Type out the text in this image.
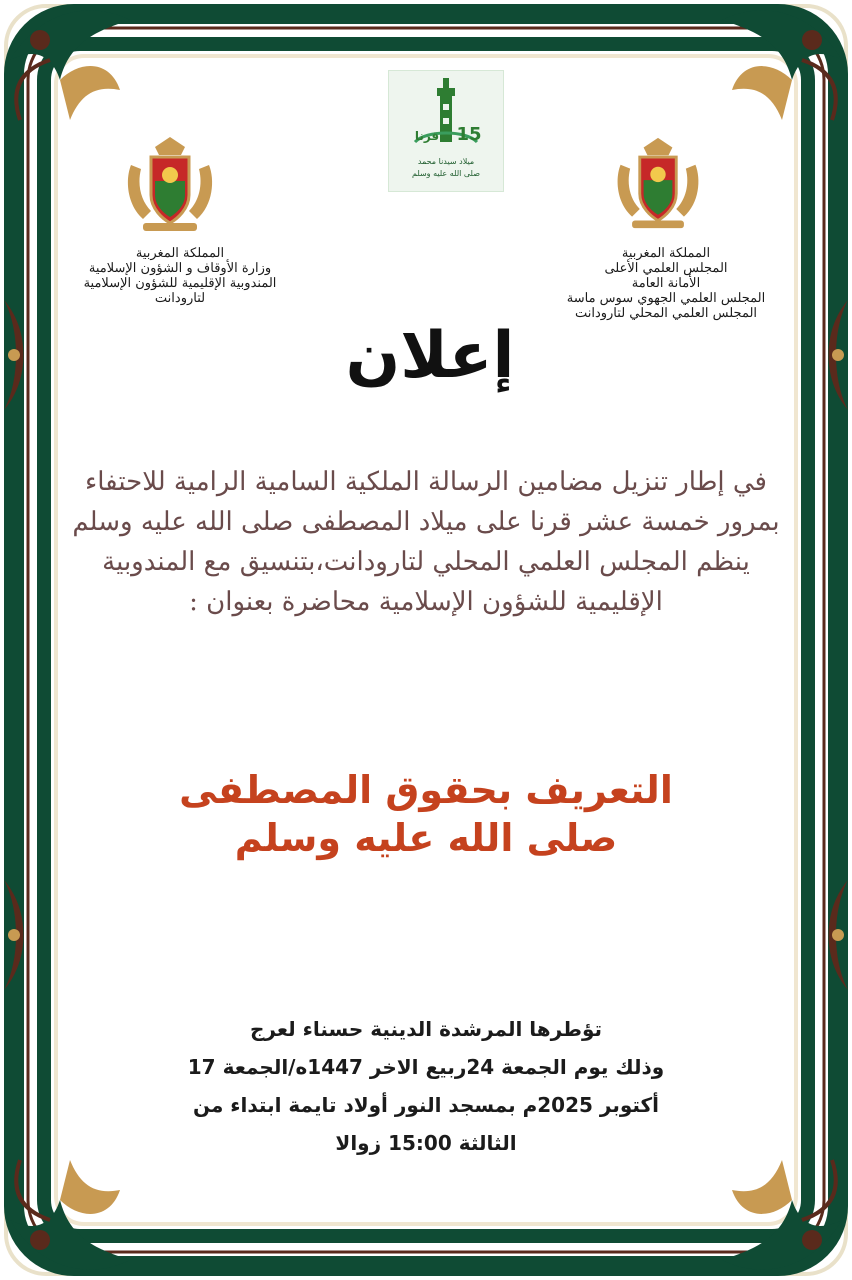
15
قرنا
ميلاد سيدنا محمد
صلى الله عليه وسلم
المملكة المغربية
وزارة الأوقاف و الشؤون الإسلامية
المندوبية الإقليمية للشؤون الإسلامية
لتارودانت
المملكة المغربية
المجلس العلمي الأعلى
الأمانة العامة
المجلس العلمي الجهوي سوس ماسة
المجلس العلمي المحلي لتارودانت
إعلان
في إطار تنزيل مضامين الرسالة الملكية السامية الرامية للاحتفاء
بمرور خمسة عشر قرنا على ميلاد المصطفى صلى الله عليه وسلم
ينظم المجلس العلمي المحلي لتارودانت،بتنسيق مع المندوبية
الإقليمية للشؤون الإسلامية محاضرة بعنوان :
التعريف بحقوق المصطفى
صلى الله عليه وسلم
تؤطرها المرشدة الدينية حسناء لعرج
وذلك يوم الجمعة 24ربيع الاخر 1447ه/الجمعة 17
أكتوبر 2025م بمسجد النور أولاد تايمة ابتداء من
الثالثة 15:00 زوالا
